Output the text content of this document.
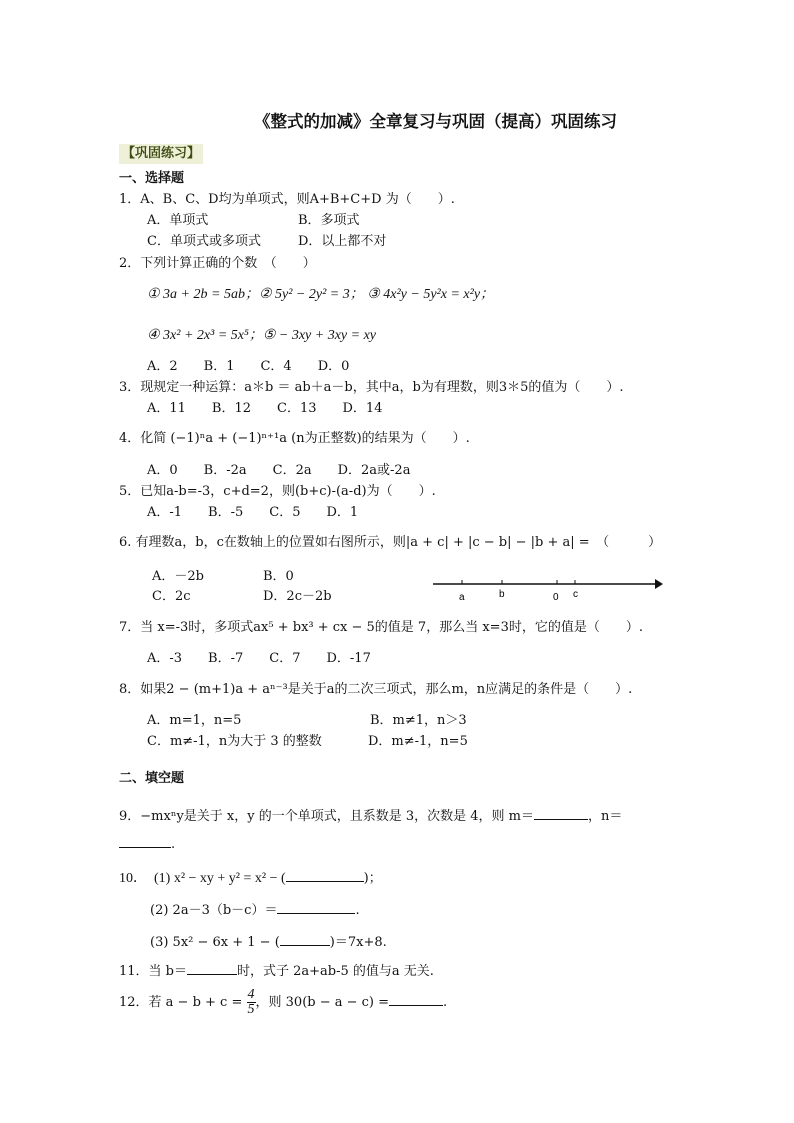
《整式的加减》全章复习与巩固（提高）巩固练习
【巩固练习】
一、选择题
1．A、B、C、D均为单项式，则A+B+C+D 为（　　）.
A．单项式	B．多项式
C．单项式或多项式	D．以上都不对
2．下列计算正确的个数　（　　）
① 3a + 2b = 5ab；② 5y² − 2y² = 3； ③ 4x²y − 5y²x = x²y；
④ 3x² + 2x³ = 5x⁵；⑤ − 3xy + 3xy = xy
A．2　　B．1　　C．4　　D．0
3．现规定一种运算：a＊b ＝ ab＋a－b，其中a，b为有理数，则3＊5的值为（　　）.
A．11　　B．12　　C．13　　D．14
4．化简 (−1)ⁿa + (−1)ⁿ⁺¹a (n为正整数)的结果为（　　）.
A．0　　B．-2a　　C．2a　　D．2a或-2a
5．已知a-b=-3，c+d=2，则(b+c)-(a-d)为（　　）.
A．-1　　B．-5　　C．5　　D．1
6. 有理数a，b，c在数轴上的位置如右图所示，则|a + c| + |c − b| − |b + a| =　（　　　）
A．－2b	B．0
C．2c	D．2c－2b	a	b	0 c
7．当 x=-3时，多项式ax⁵ + bx³ + cx − 5的值是 7，那么当 x=3时，它的值是（　　）.
A．-3　　B．-7　　C．7　　D．-17
8．如果2 − (m+1)a + aⁿ⁻³是关于a的二次三项式，那么m，n应满足的条件是（　　）.
A．m=1，n=5	B．m≠1，n＞3
C．m≠-1，n为大于 3 的整数	D．m≠-1，n=5
二、填空题
9．−mxⁿy是关于 x，y 的一个单项式，且系数是 3，次数是 4，则 m＝	，n＝
.
10．　(1) x² − xy + y² = x² − (	)；
(2) 2a－3（b－c）＝	.
(3) 5x² − 6x + 1 − (	)＝7x+8.
11．当 b＝	时，式子 2a+ab-5 的值与a 无关.
12．若 $a - b + c = \frac{4}{5}$ ，则 30(b − a − c) =	.
